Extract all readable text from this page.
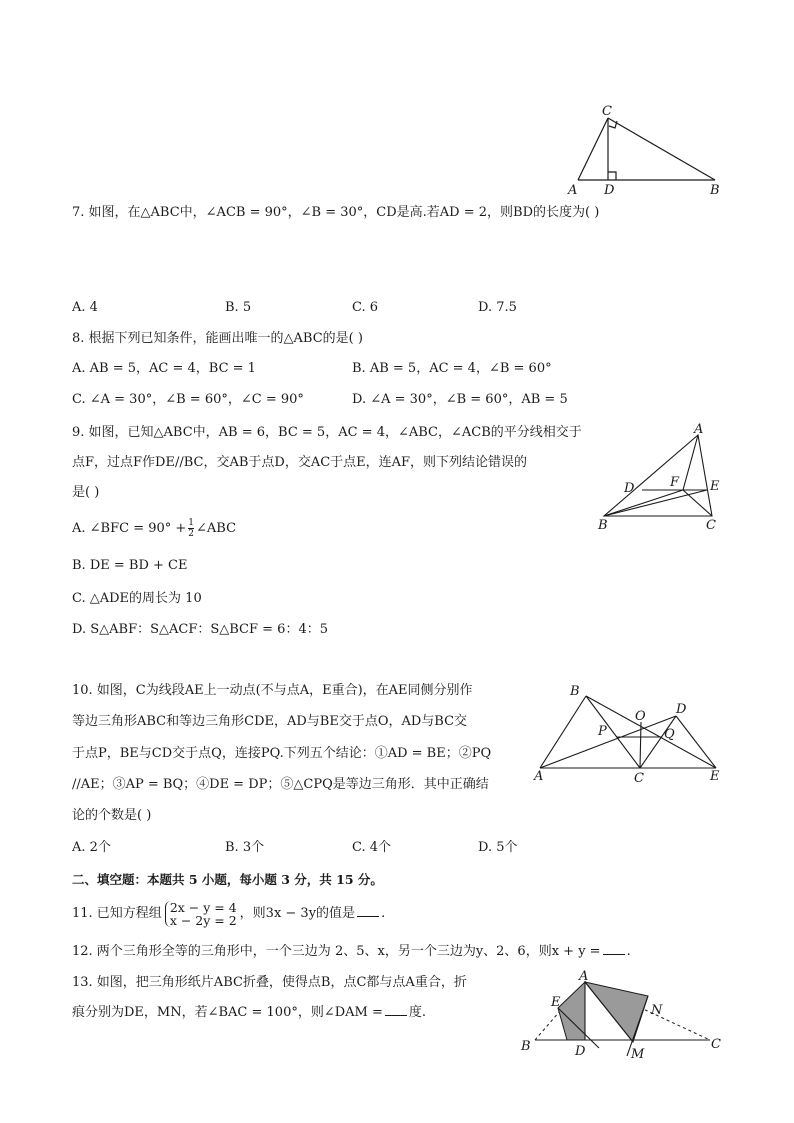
C
A D	B
7. 如图，在△ABC中，∠ACB = 90°，∠B = 30°，CD是高.若AD = 2，则BD的长度为( )
A. 4	B. 5	C. 6	D. 7.5
8. 根据下列已知条件，能画出唯一的△ABC的是( )
A. AB = 5，AC = 4，BC = 1	B. AB = 5，AC = 4，∠B = 60°
C. ∠A = 30°，∠B = 60°，∠C = 90°	D. ∠A = 30°，∠B = 60°，AB = 5
9. 如图，已知△ABC中，AB = 6，BC = 5，AC = 4，∠ABC，∠ACB的平分线相交于
点F，过点F作DE//BC，交AB于点D，交AC于点E，连AF，则下列结论错误的
是( )
A. ∠BFC = $90^\circ + \frac{1}{2}$ ∠ABC
B. DE = BD + CE
C. △ADE的周长为 10
D. S△ABF：S△ACF：S△BCF = 6：4：5
A
D	F E
B	C
10. 如图，C为线段AE上一动点(不与点A，E重合)，在AE同侧分别作
等边三角形ABC和等边三角形CDE，AD与BE交于点O，AD与BC交
于点P，BE与CD交于点Q，连接PQ.下列五个结论：①AD = BE；②PQ
//AE；③AP = BQ；④DE = DP；⑤△CPQ是等边三角形．其中正确结
论的个数是( )
A. 2个	B. 3个	C. 4个	D. 5个
B
O D
P	Q
A	C	E
二、填空题：本题共 5 小题，每小题 3 分，共 15 分。
11. 已知方程组 2x − y = 4
x − 2y = 2 ，则3x − 3y的值是 .
12. 两个三角形全等的三角形中，一个三边为 2、5、x，另一个三边为y、2、6，则x + y = .
13. 如图，把三角形纸片ABC折叠，使得点B，点C都与点A重合，折
痕分别为DE，MN，若∠BAC = 100°，则∠DAM = 度.
A
E
N
B	D	M
C
